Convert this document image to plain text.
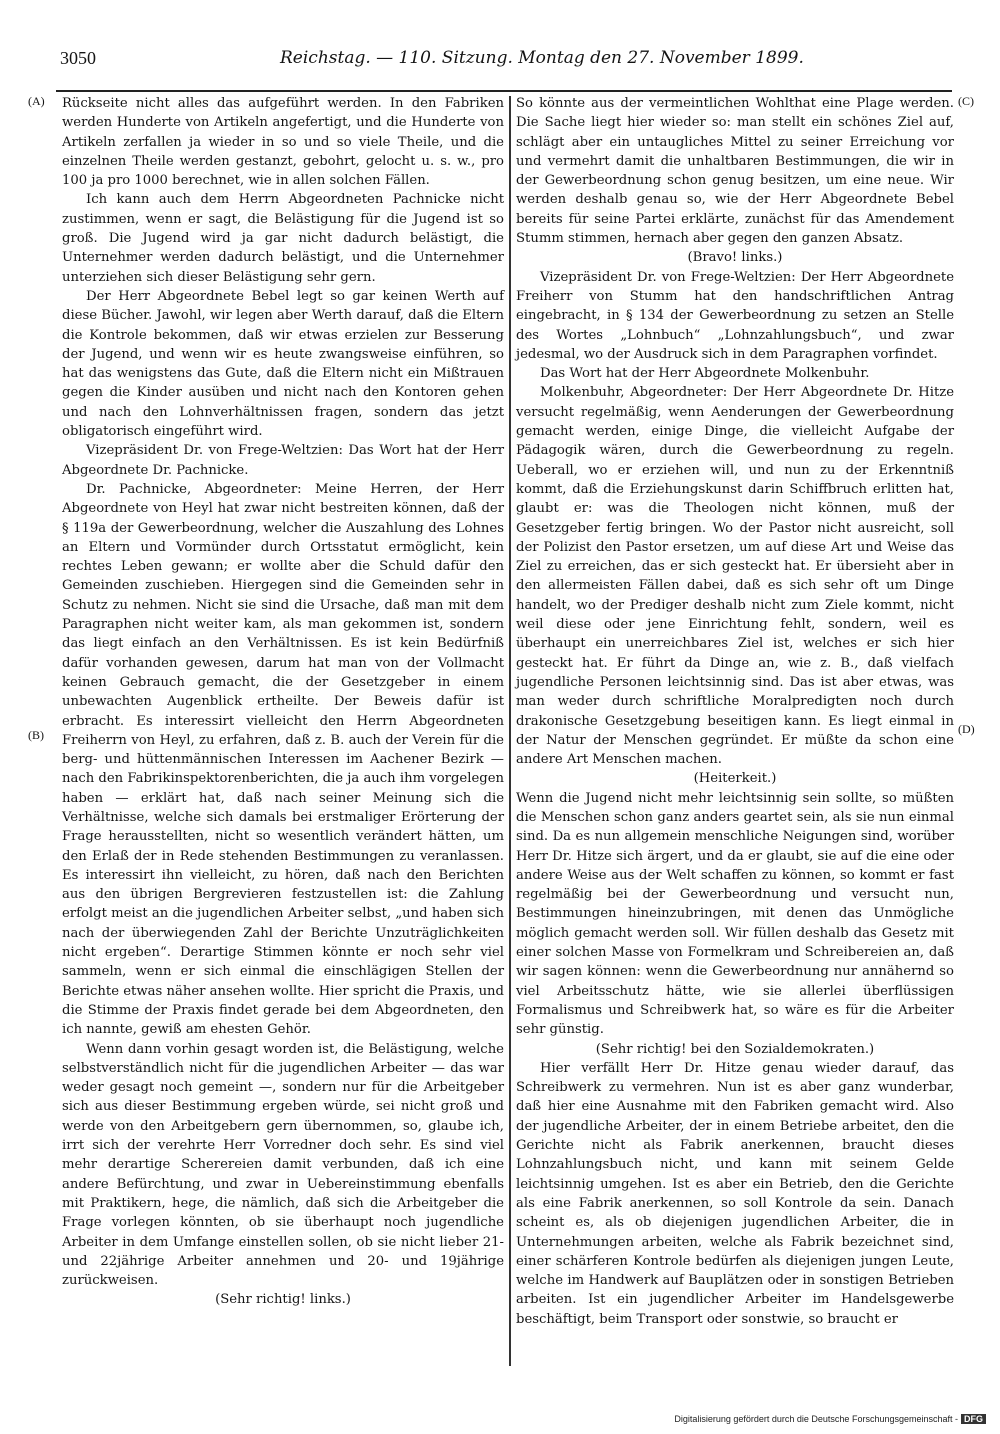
3050	Reichstag. — 110. Sitzung. Montag den 27. November 1899.
(A)
(B)
(C)
(D)

Rückseite nicht alles das aufgeführt werden. In den Fabriken werden Hunderte von Artikeln angefertigt, und die Hunderte von Artikeln zerfallen ja wieder in so und so viele Theile, und die einzelnen Theile werden gestanzt, gebohrt, gelocht u. s. w., pro 100 ja pro 1000 berechnet, wie in allen solchen Fällen.

Ich kann auch dem Herrn Abgeordneten Pachnicke nicht zustimmen, wenn er sagt, die Belästigung für die Jugend ist so groß. Die Jugend wird ja gar nicht dadurch belästigt, die Unternehmer werden dadurch belästigt, und die Unternehmer unterziehen sich dieser Belästigung sehr gern.

Der Herr Abgeordnete Bebel legt so gar keinen Werth auf diese Bücher. Jawohl, wir legen aber Werth darauf, daß die Eltern die Kontrole bekommen, daß wir etwas erzielen zur Besserung der Jugend, und wenn wir es heute zwangsweise einführen, so hat das wenigstens das Gute, daß die Eltern nicht ein Mißtrauen gegen die Kinder ausüben und nicht nach den Kontoren gehen und nach den Lohnverhältnissen fragen, sondern das jetzt obligatorisch eingeführt wird.

Vizepräsident Dr. von Frege-Weltzien: Das Wort hat der Herr Abgeordnete Dr. Pachnicke.

Dr. Pachnicke, Abgeordneter: Meine Herren, der Herr Abgeordnete von Heyl hat zwar nicht bestreiten können, daß der § 119a der Gewerbeordnung, welcher die Auszahlung des Lohnes an Eltern und Vormünder durch Ortsstatut ermöglicht, kein rechtes Leben gewann; er wollte aber die Schuld dafür den Gemeinden zuschieben. Hiergegen sind die Gemeinden sehr in Schutz zu nehmen. Nicht sie sind die Ursache, daß man mit dem Paragraphen nicht weiter kam, als man gekommen ist, sondern das liegt einfach an den Verhältnissen. Es ist kein Bedürfniß dafür vorhanden gewesen, darum hat man von der Vollmacht keinen Gebrauch gemacht, die der Gesetzgeber in einem unbewachten Augenblick ertheilte. Der Beweis dafür ist erbracht. Es interessirt vielleicht den Herrn Abgeordneten Freiherrn von Heyl, zu erfahren, daß z. B. auch der Verein für die berg- und hüttenmännischen Interessen im Aachener Bezirk — nach den Fabrikinspektorenberichten, die ja auch ihm vorgelegen haben — erklärt hat, daß nach seiner Meinung sich die Verhältnisse, welche sich damals bei erstmaliger Erörterung der Frage herausstellten, nicht so wesentlich verändert hätten, um den Erlaß der in Rede stehenden Bestimmungen zu veranlassen. Es interessirt ihn vielleicht, zu hören, daß nach den Berichten aus den übrigen Bergrevieren festzustellen ist: die Zahlung erfolgt meist an die jugendlichen Arbeiter selbst, „und haben sich nach der überwiegenden Zahl der Berichte Unzuträglichkeiten nicht ergeben“. Derartige Stimmen könnte er noch sehr viel sammeln, wenn er sich einmal die einschlägigen Stellen der Berichte etwas näher ansehen wollte. Hier spricht die Praxis, und die Stimme der Praxis findet gerade bei dem Abgeordneten, den ich nannte, gewiß am ehesten Gehör.

Wenn dann vorhin gesagt worden ist, die Belästigung, welche selbstverständlich nicht für die jugendlichen Arbeiter — das war weder gesagt noch gemeint —, sondern nur für die Arbeitgeber sich aus dieser Bestimmung ergeben würde, sei nicht groß und werde von den Arbeitgebern gern übernommen, so, glaube ich, irrt sich der verehrte Herr Vorredner doch sehr. Es sind viel mehr derartige Scherereien damit verbunden, daß ich eine andere Befürchtung, und zwar in Uebereinstimmung ebenfalls mit Praktikern, hege, die nämlich, daß sich die Arbeitgeber die Frage vorlegen könnten, ob sie überhaupt noch jugendliche Arbeiter in dem Umfange einstellen sollen, ob sie nicht lieber 21- und 22jährige Arbeiter annehmen und 20- und 19jährige zurückweisen.

(Sehr richtig! links.)

So könnte aus der vermeintlichen Wohlthat eine Plage werden. Die Sache liegt hier wieder so: man stellt ein schönes Ziel auf, schlägt aber ein untaugliches Mittel zu seiner Erreichung vor und vermehrt damit die unhaltbaren Bestimmungen, die wir in der Gewerbeordnung schon genug besitzen, um eine neue. Wir werden deshalb genau so, wie der Herr Abgeordnete Bebel bereits für seine Partei erklärte, zunächst für das Amendement Stumm stimmen, hernach aber gegen den ganzen Absatz.

(Bravo! links.)

Vizepräsident Dr. von Frege-Weltzien: Der Herr Abgeordnete Freiherr von Stumm hat den handschriftlichen Antrag eingebracht, in § 134 der Gewerbeordnung zu setzen an Stelle des Wortes „Lohnbuch“ „Lohnzahlungsbuch“, und zwar jedesmal, wo der Ausdruck sich in dem Paragraphen vorfindet.

Das Wort hat der Herr Abgeordnete Molkenbuhr.

Molkenbuhr, Abgeordneter: Der Herr Abgeordnete Dr. Hitze versucht regelmäßig, wenn Aenderungen der Gewerbeordnung gemacht werden, einige Dinge, die vielleicht Aufgabe der Pädagogik wären, durch die Gewerbeordnung zu regeln. Ueberall, wo er erziehen will, und nun zu der Erkenntniß kommt, daß die Erziehungskunst darin Schiffbruch erlitten hat, glaubt er: was die Theologen nicht können, muß der Gesetzgeber fertig bringen. Wo der Pastor nicht ausreicht, soll der Polizist den Pastor ersetzen, um auf diese Art und Weise das Ziel zu erreichen, das er sich gesteckt hat. Er übersieht aber in den allermeisten Fällen dabei, daß es sich sehr oft um Dinge handelt, wo der Prediger deshalb nicht zum Ziele kommt, nicht weil diese oder jene Einrichtung fehlt, sondern, weil es überhaupt ein unerreichbares Ziel ist, welches er sich hier gesteckt hat. Er führt da Dinge an, wie z. B., daß vielfach jugendliche Personen leichtsinnig sind. Das ist aber etwas, was man weder durch schriftliche Moralpredigten noch durch drakonische Gesetzgebung beseitigen kann. Es liegt einmal in der Natur der Menschen gegründet. Er müßte da schon eine andere Art Menschen machen.

(Heiterkeit.)

Wenn die Jugend nicht mehr leichtsinnig sein sollte, so müßten die Menschen schon ganz anders geartet sein, als sie nun einmal sind. Da es nun allgemein menschliche Neigungen sind, worüber Herr Dr. Hitze sich ärgert, und da er glaubt, sie auf die eine oder andere Weise aus der Welt schaffen zu können, so kommt er fast regelmäßig bei der Gewerbeordnung und versucht nun, Bestimmungen hineinzubringen, mit denen das Unmögliche möglich gemacht werden soll. Wir füllen deshalb das Gesetz mit einer solchen Masse von Formelkram und Schreibereien an, daß wir sagen können: wenn die Gewerbeordnung nur annähernd so viel Arbeitsschutz hätte, wie sie allerlei überflüssigen Formalismus und Schreibwerk hat, so wäre es für die Arbeiter sehr günstig.

(Sehr richtig! bei den Sozialdemokraten.)

Hier verfällt Herr Dr. Hitze genau wieder darauf, das Schreibwerk zu vermehren. Nun ist es aber ganz wunderbar, daß hier eine Ausnahme mit den Fabriken gemacht wird. Also der jugendliche Arbeiter, der in einem Betriebe arbeitet, den die Gerichte nicht als Fabrik anerkennen, braucht dieses Lohnzahlungsbuch nicht, und kann mit seinem Gelde leichtsinnig umgehen. Ist es aber ein Betrieb, den die Gerichte als eine Fabrik anerkennen, so soll Kontrole da sein. Danach scheint es, als ob diejenigen jugendlichen Arbeiter, die in Unternehmungen arbeiten, welche als Fabrik bezeichnet sind, einer schärferen Kontrole bedürfen als diejenigen jungen Leute, welche im Handwerk auf Bauplätzen oder in sonstigen Betrieben arbeiten. Ist ein jugendlicher Arbeiter im Handelsgewerbe beschäftigt, beim Transport oder sonstwie, so braucht er

Digitalisierung gefördert durch die Deutsche Forschungsgemeinschaft - DFG
